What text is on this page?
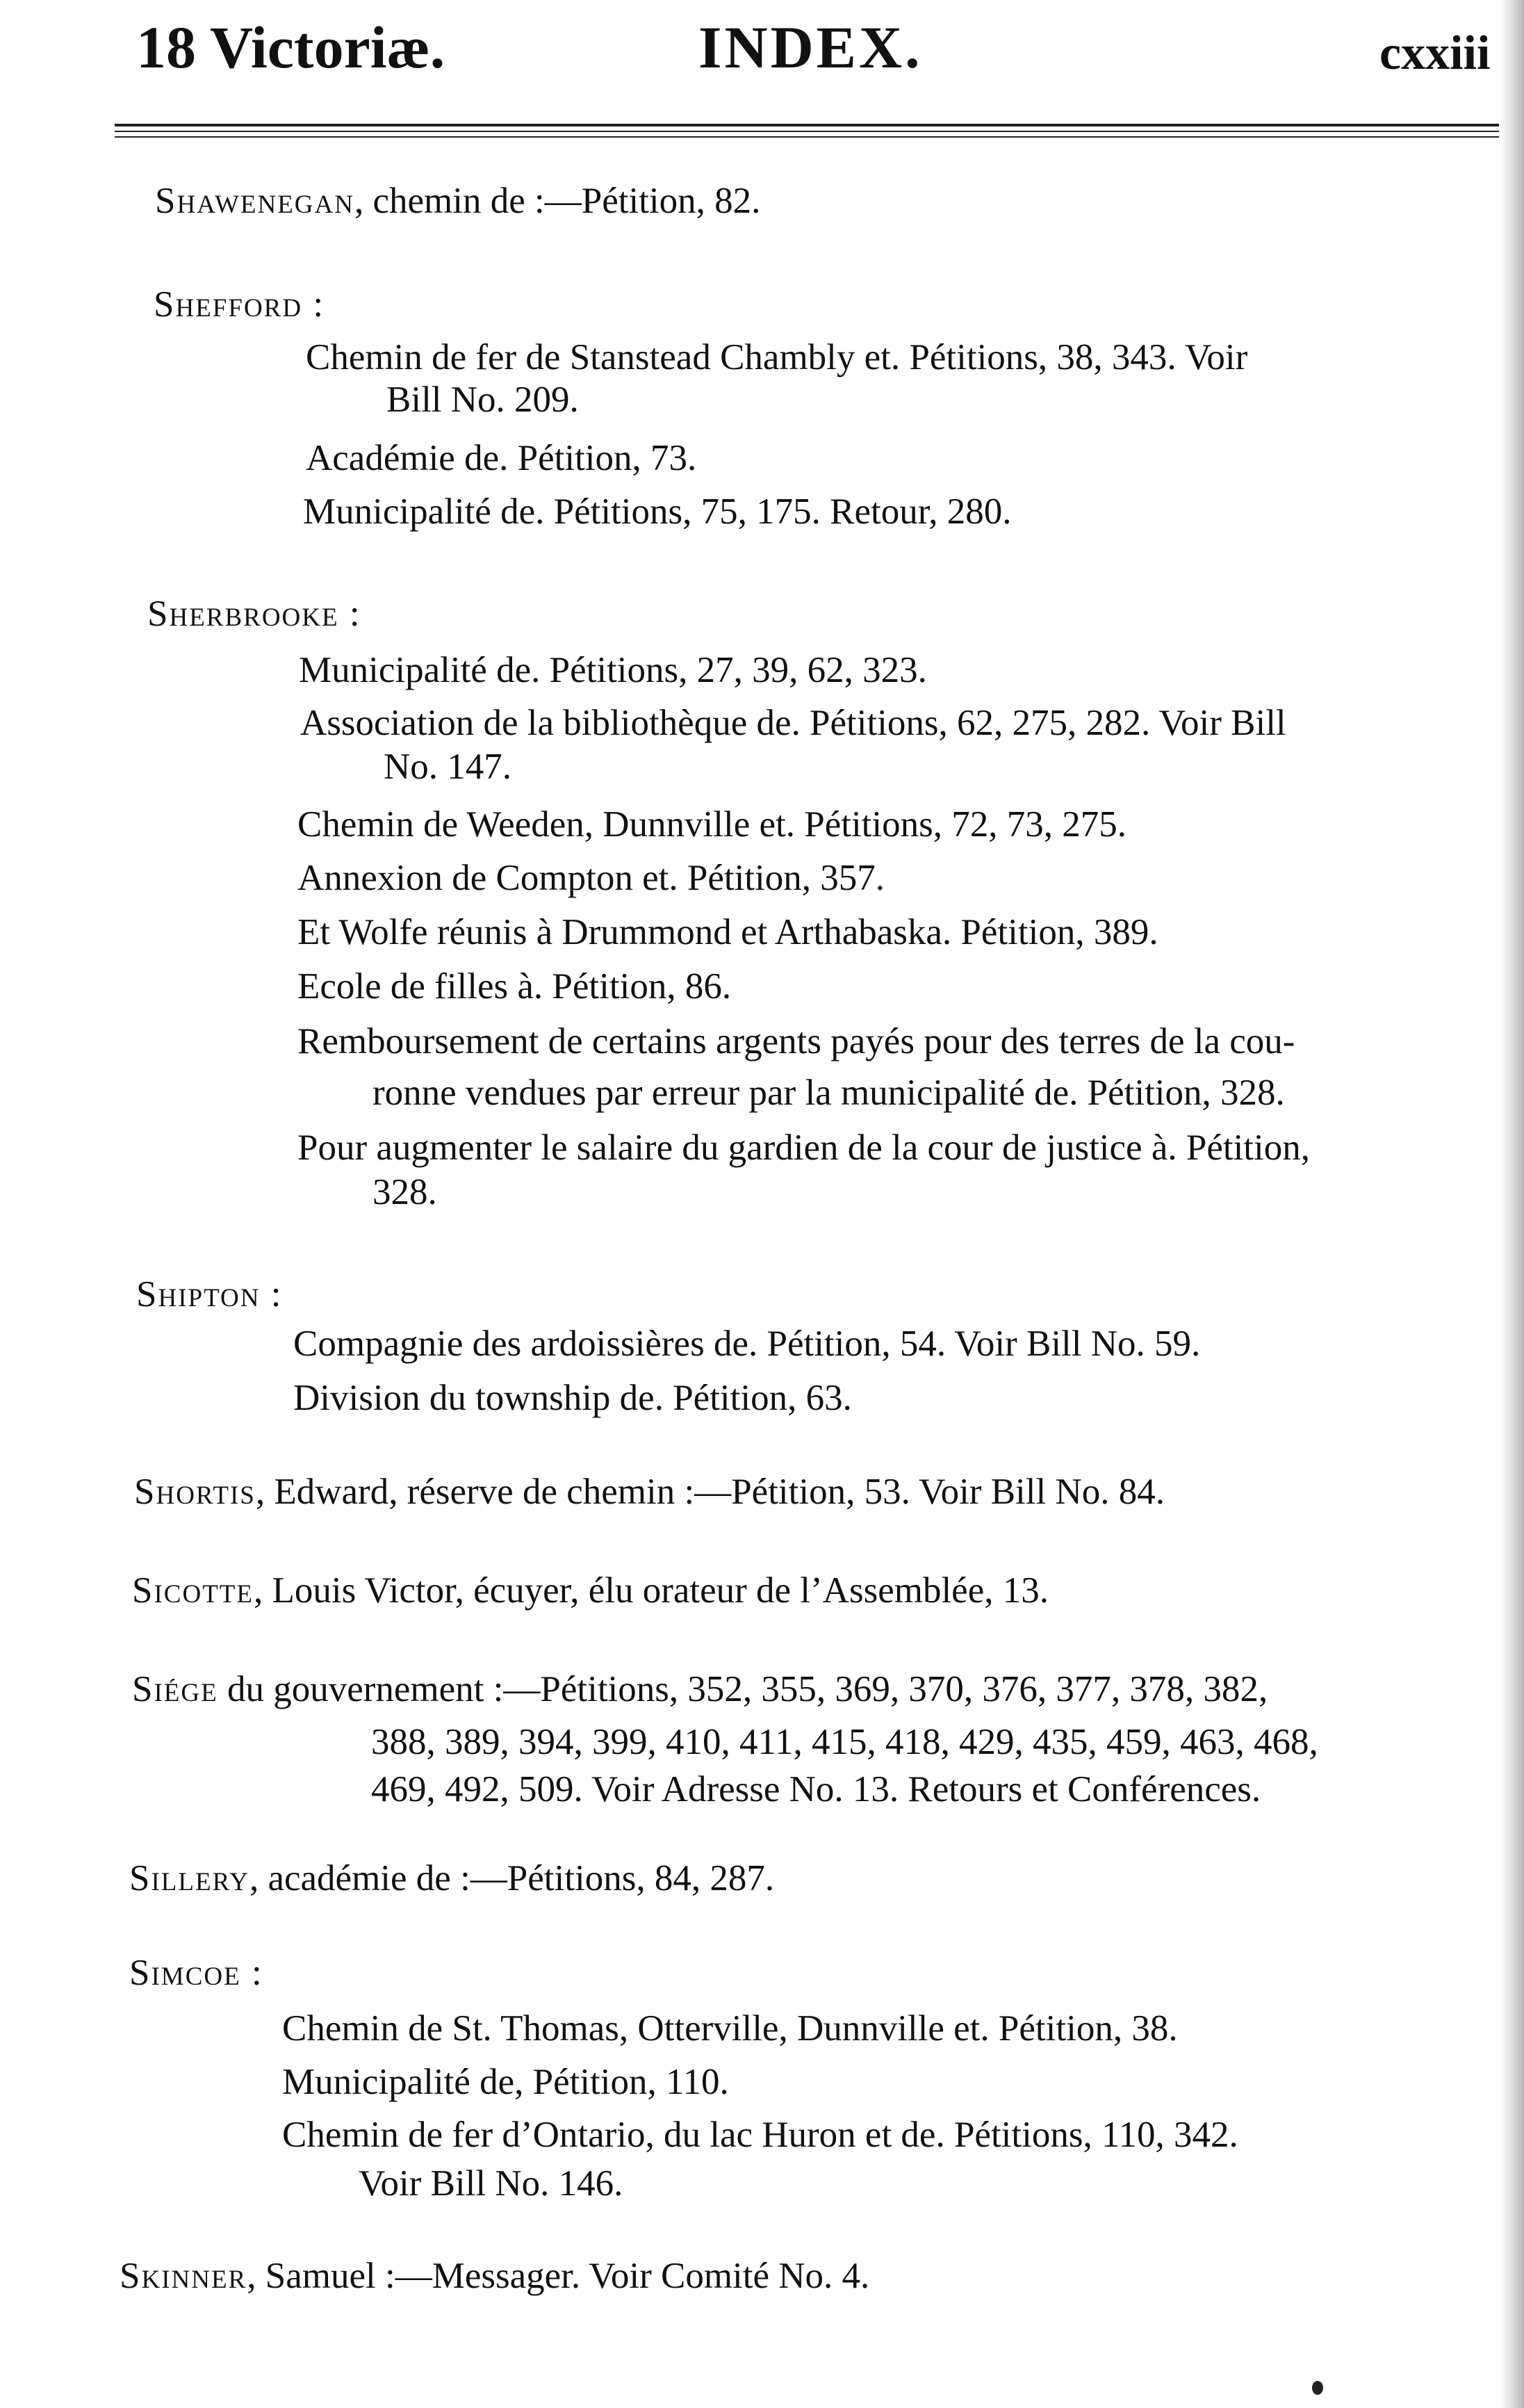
18 Victoriæ.	INDEX.	cxxiii
Shawenegan, chemin de :—Pétition, 82.
Shefford :
Chemin de fer de Stanstead Chambly et. Pétitions, 38, 343. Voir
Bill No. 209.
Académie de. Pétition, 73.
Municipalité de. Pétitions, 75, 175. Retour, 280.
Sherbrooke :
Municipalité de. Pétitions, 27, 39, 62, 323.
Association de la bibliothèque de. Pétitions, 62, 275, 282. Voir Bill
No. 147.
Chemin de Weeden, Dunnville et. Pétitions, 72, 73, 275.
Annexion de Compton et. Pétition, 357.
Et Wolfe réunis à Drummond et Arthabaska. Pétition, 389.
Ecole de filles à. Pétition, 86.
Remboursement de certains argents payés pour des terres de la cou-
ronne vendues par erreur par la municipalité de. Pétition, 328.
Pour augmenter le salaire du gardien de la cour de justice à. Pétition,
328.
Shipton :
Compagnie des ardoissières de. Pétition, 54. Voir Bill No. 59.
Division du township de. Pétition, 63.
Shortis, Edward, réserve de chemin :—Pétition, 53. Voir Bill No. 84.
Sicotte, Louis Victor, écuyer, élu orateur de l’Assemblée, 13.
Siége du gouvernement :—Pétitions, 352, 355, 369, 370, 376, 377, 378, 382,
388, 389, 394, 399, 410, 411, 415, 418, 429, 435, 459, 463, 468,
469, 492, 509. Voir Adresse No. 13. Retours et Conférences.
Sillery, académie de :—Pétitions, 84, 287.
Simcoe :
Chemin de St. Thomas, Otterville, Dunnville et. Pétition, 38.
Municipalité de, Pétition, 110.
Chemin de fer d’Ontario, du lac Huron et de. Pétitions, 110, 342.
Voir Bill No. 146.
Skinner, Samuel :—Messager. Voir Comité No. 4.
